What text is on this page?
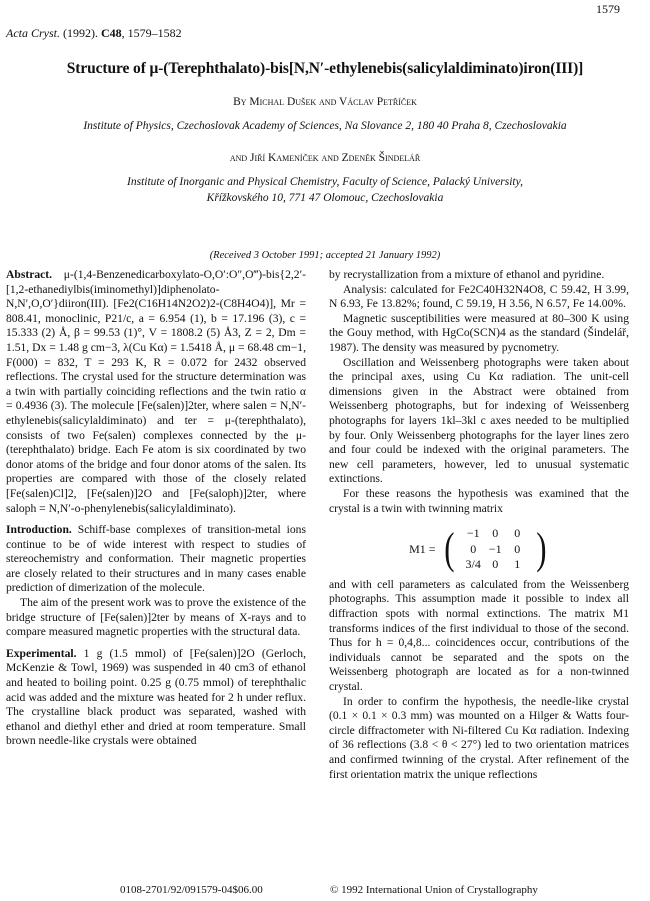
1579
Acta Cryst. (1992). C48, 1579–1582
Structure of μ-(Terephthalato)-bis[N,N′-ethylenebis(salicylaldiminato)iron(III)]
By Michal Dušek and Václav Petříček
Institute of Physics, Czechoslovak Academy of Sciences, Na Slovance 2, 180 40 Praha 8, Czechoslovakia
and Jiří Kameníček and Zdeněk Šindelář
Institute of Inorganic and Physical Chemistry, Faculty of Science, Palacký University,
Křížkovského 10, 771 47 Olomouc, Czechoslovakia
(Received 3 October 1991; accepted 21 January 1992)

Abstract. μ-(1,4-Benzenedicarboxylato-O,O′:O″,O‴)-bis{2,2′-[1,2-ethanediylbis(iminomethyl)]diphenolato-N,N′,O,O′}diiron(III). [Fe2(C16H14N2O2)2-(C8H4O4)], Mr = 808.41, monoclinic, P21/c, a = 6.954 (1), b = 17.196 (3), c = 15.333 (2) Å, β = 99.53 (1)°, V = 1808.2 (5) Å3, Z = 2, Dm = 1.51, Dx = 1.48 g cm−3, λ(Cu Kα) = 1.5418 Å, μ = 68.48 cm−1, F(000) = 832, T = 293 K, R = 0.072 for 2432 observed reflections. The crystal used for the structure determination was a twin with partially coinciding reflections and the twin ratio α = 0.4936 (3). The molecule [Fe(salen)]2ter, where salen = N,N′-ethylenebis(salicylaldiminato) and ter = μ-(terephthalato), consists of two Fe(salen) complexes connected by the μ-(terephthalato) bridge. Each Fe atom is six coordinated by two donor atoms of the bridge and four donor atoms of the salen. Its properties are compared with those of the closely related [Fe(salen)Cl]2, [Fe(salen)]2O and [Fe(saloph)]2ter, where saloph = N,N′-o-phenylenebis(salicylaldiminato).

Introduction. Schiff-base complexes of transition-metal ions continue to be of wide interest with respect to studies of stereochemistry and conformation. Their magnetic properties are closely related to their structures and in many cases enable prediction of dimerization of the molecule.

The aim of the present work was to prove the existence of the bridge structure of [Fe(salen)]2ter by means of X-rays and to compare measured magnetic properties with the structural data.

Experimental. 1 g (1.5 mmol) of [Fe(salen)]2O (Gerloch, McKenzie & Towl, 1969) was suspended in 40 cm3 of ethanol and heated to boiling point. 0.25 g (0.75 mmol) of terephthalic acid was added and the mixture was heated for 2 h under reflux. The crystalline black product was separated, washed with ethanol and diethyl ether and dried at room temperature. Small brown needle-like crystals were obtained

by recrystallization from a mixture of ethanol and pyridine.

Analysis: calculated for Fe2C40H32N4O8, C 59.42, H 3.99, N 6.93, Fe 13.82%; found, C 59.19, H 3.56, N 6.57, Fe 14.00%.

Magnetic susceptibilities were measured at 80–300 K using the Gouy method, with HgCo(SCN)4 as the standard (Šindelář, 1987). The density was measured by pycnometry.

Oscillation and Weissenberg photographs were taken about the principal axes, using Cu Kα radiation. The unit-cell dimensions given in the Abstract were obtained from Weissenberg photographs, but for indexing of Weissenberg photographs for layers 1kl–3kl c axes needed to be multiplied by four. Only Weissenberg photographs for the layer lines zero and four could be indexed with the original parameters. The new cell parameters, however, led to unusual systematic extinctions.

For these reasons the hypothesis was examined that the crystal is a twin with twinning matrix

M1 = (	−1	0	0
0	−1	0
3/4 0	1 )

and with cell parameters as calculated from the Weissenberg photographs. This assumption made it possible to index all diffraction spots with normal extinctions. The matrix M1 transforms indices of the first individual to those of the second. Thus for h = 0,4,8... coincidences occur, contributions of the individuals cannot be separated and the spots on the Weissenberg photograph are located as for a non-twinned crystal.

In order to confirm the hypothesis, the needle-like crystal (0.1 × 0.1 × 0.3 mm) was mounted on a Hilger & Watts four-circle diffractometer with Ni-filtered Cu Kα radiation. Indexing of 36 reflections (3.8 < θ < 27°) led to two orientation matrices and confirmed twinning of the crystal. After refinement of the first orientation matrix the unique reflections

0108-2701/92/091579-04$06.00	© 1992 International Union of Crystallography
